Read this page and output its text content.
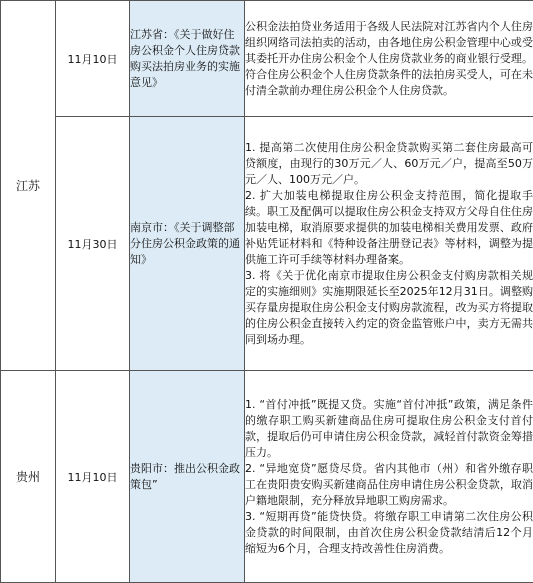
江苏	11月10日	江苏省：《关于做好住房公积金个人住房贷款购买法拍房业务的实施意见》	公积金法拍贷业务适用于各级人民法院对江苏省内个人住房组织网络司法拍卖的活动，由各地住房公积金管理中心或受其委托开办住房公积金个人住房贷款业务的商业银行受理。符合住房公积金个人住房贷款条件的法拍房买受人，可在未付清全款前办理住房公积金个人住房贷款。

	11月30日	南京市：《关于调整部分住房公积金政策的通知》	1. 提高第二次使用住房公积金贷款购买第二套住房最高可贷额度，由现行的30万元／人、60万元／户，提高至50万元／人、100万元／户。

2. 扩大加装电梯提取住房公积金支持范围，简化提取手续。职工及配偶可以提取住房公积金支持双方父母自住住房加装电梯，取消原要求提供的加装电梯相关费用发票、政府补贴凭证材料和《特种设备注册登记表》等材料，调整为提供施工许可手续等材料办理备案。

3. 将《关于优化南京市提取住房公积金支付购房款相关规定的实施细则》实施期限延长至2025年12月31日。调整购买存量房提取住房公积金支付购房款流程，改为买方将提取的住房公积金直接转入约定的资金监管账户中，卖方无需共同到场办理。

贵州	11月10日	贵阳市：推出公积金政策包”	1. “首付冲抵”既提又贷。实施“首付冲抵”政策，满足条件的缴存职工购买新建商品住房可提取住房公积金支付首付款，提取后仍可申请住房公积金贷款，减轻首付款资金筹措压力。

2. “异地宽贷”愿贷尽贷。省内其他市（州）和省外缴存职工在贵阳贵安购买新建商品住房申请住房公积金贷款，取消户籍地限制，充分释放异地职工购房需求。

3. “短期再贷”能贷快贷。将缴存职工申请第二次住房公积金贷款的时间限制，由首次住房公积金贷款结清后12个月缩短为6个月，合理支持改善性住房消费。
